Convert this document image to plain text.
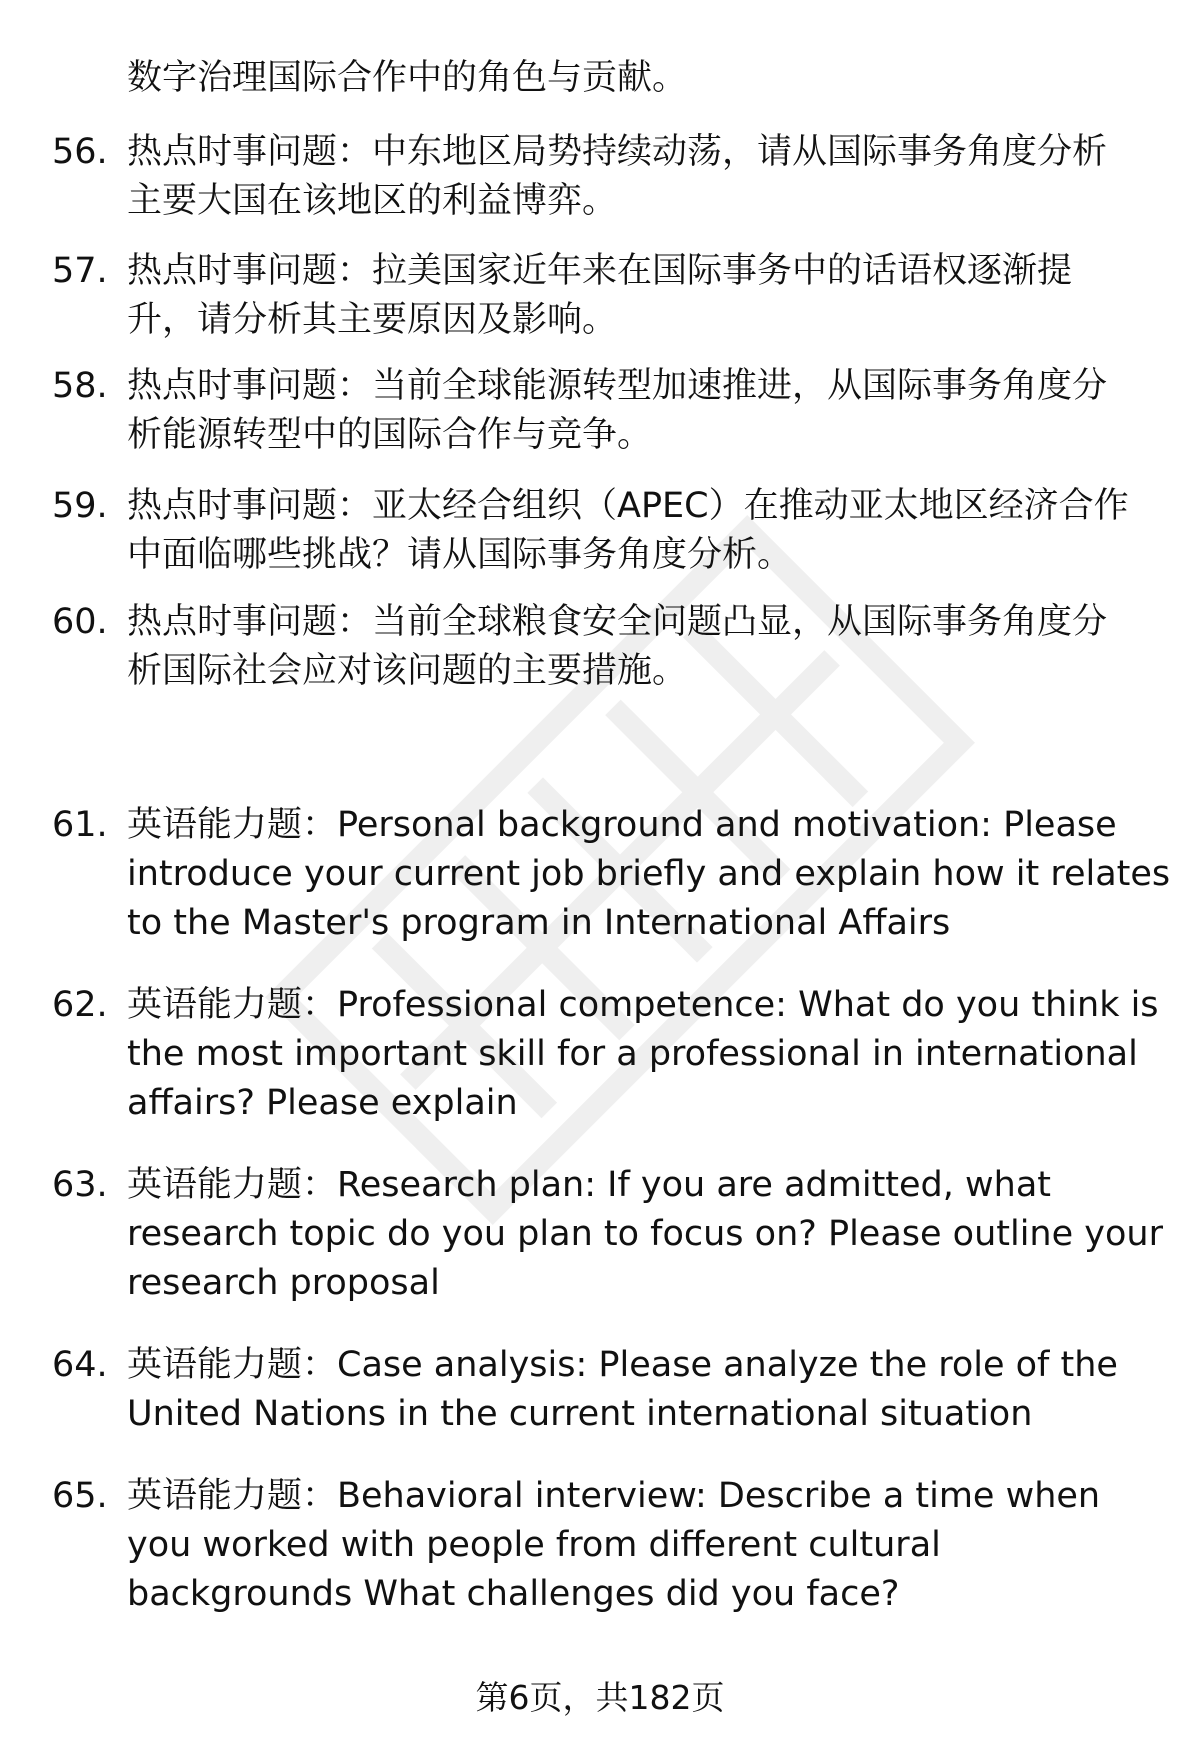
数字治理国际合作中的角色与贡献。
56. 热点时事问题：中东地区局势持续动荡，请从国际事务角度分析
主要大国在该地区的利益博弈。
57. 热点时事问题：拉美国家近年来在国际事务中的话语权逐渐提
升，请分析其主要原因及影响。
58. 热点时事问题：当前全球能源转型加速推进，从国际事务角度分
析能源转型中的国际合作与竞争。
59. 热点时事问题：亚太经合组织（APEC）在推动亚太地区经济合作
中面临哪些挑战？请从国际事务角度分析。
60. 热点时事问题：当前全球粮食安全问题凸显，从国际事务角度分
析国际社会应对该问题的主要措施。
61. 英语能力题：Personal background and motivation: Please
introduce your current job briefly and explain how it relates
to the Master's program in International Affairs
62. 英语能力题：Professional competence: What do you think is
the most important skill for a professional in international
affairs? Please explain
63. 英语能力题：Research plan: If you are admitted, what
research topic do you plan to focus on? Please outline your
research proposal
64. 英语能力题：Case analysis: Please analyze the role of the
United Nations in the current international situation
65. 英语能力题：Behavioral interview: Describe a time when
you worked with people from different cultural
backgrounds What challenges did you face?
第6页，共182页
